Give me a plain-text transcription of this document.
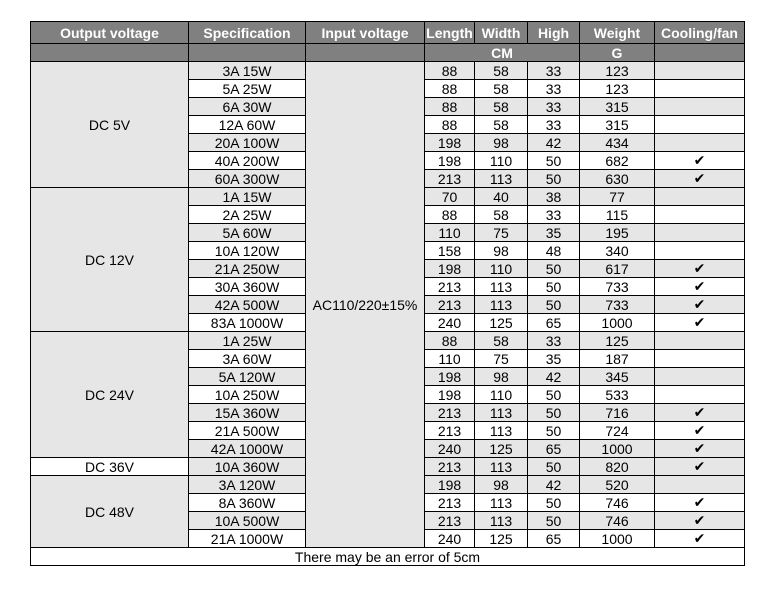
Output voltage	Specification	Input voltage	Length	Width	High	Weight	Cooling/fan
			CM			G	
DC 5V	3A 15W	AC110/220±15%	88	58	33	123	
	5A 25W		88	58	33	123	
	6A 30W		88	58	33	315	
	12A 60W		88	58	33	315	
	20A 100W		198	98	42	434	
	40A 200W		198	110	50	682	✔
	60A 300W		213	113	50	630	✔
DC 12V	1A 15W		70	40	38	77	
	2A 25W		88	58	33	115	
	5A 60W		110	75	35	195	
	10A 120W		158	98	48	340	
	21A 250W		198	110	50	617	✔
	30A 360W		213	113	50	733	✔
	42A 500W		213	113	50	733	✔
	83A 1000W		240	125	65	1000	✔
DC 24V	1A 25W		88	58	33	125	
	3A 60W		110	75	35	187	
	5A 120W		198	98	42	345	
	10A 250W		198	110	50	533	
	15A 360W		213	113	50	716	✔
	21A 500W		213	113	50	724	✔
	42A 1000W		240	125	65	1000	✔
DC 36V	10A 360W		213	113	50	820	✔
DC 48V	3A 120W		198	98	42	520	
	8A 360W		213	113	50	746	✔
	10A 500W		213	113	50	746	✔
	21A 1000W		240	125	65	1000	✔
There may be an error of 5cm							
